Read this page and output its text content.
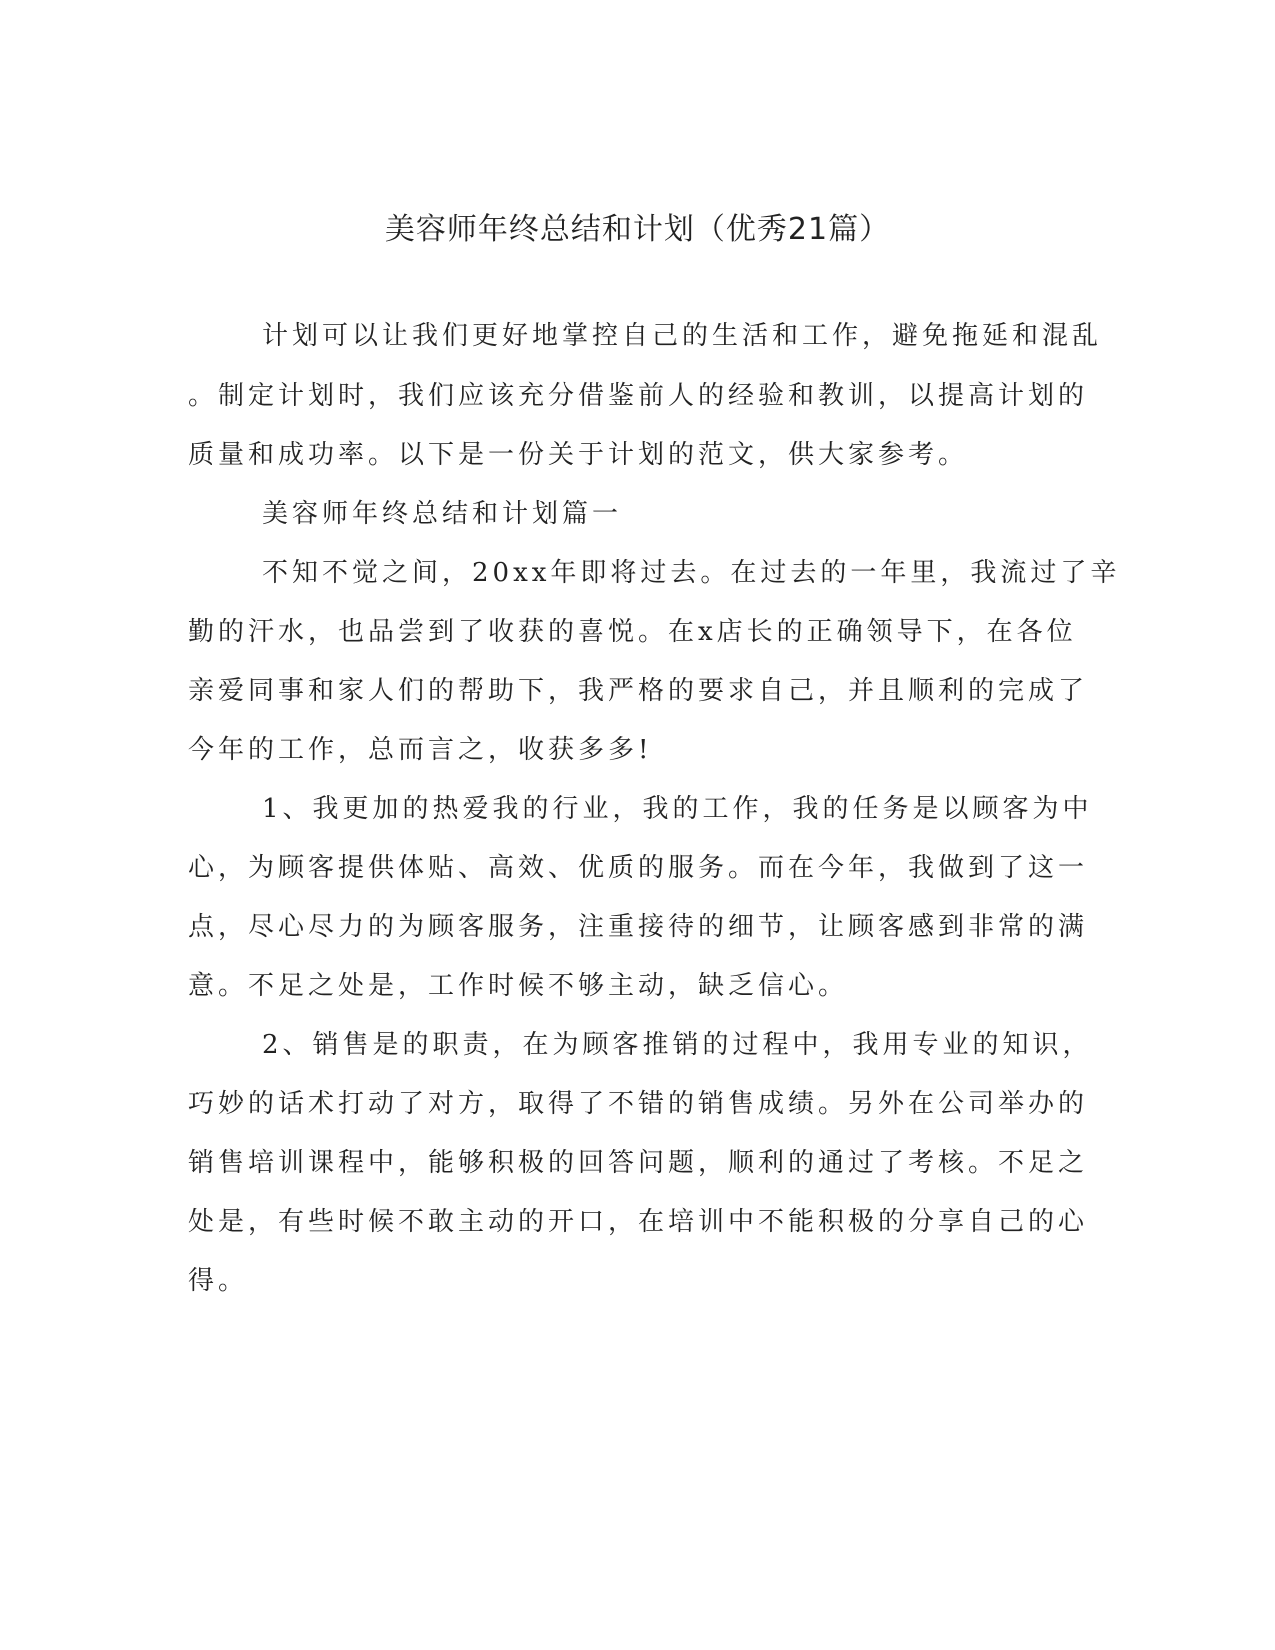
美容师年终总结和计划（优秀21篇）
计划可以让我们更好地掌控自己的生活和工作，避免拖延和混乱
。制定计划时，我们应该充分借鉴前人的经验和教训，以提高计划的
质量和成功率。以下是一份关于计划的范文，供大家参考。
美容师年终总结和计划篇一
不知不觉之间，20xx年即将过去。在过去的一年里，我流过了辛
勤的汗水，也品尝到了收获的喜悦。在x店长的正确领导下，在各位
亲爱同事和家人们的帮助下，我严格的要求自己，并且顺利的完成了
今年的工作，总而言之，收获多多!
1、我更加的热爱我的行业，我的工作，我的任务是以顾客为中
心，为顾客提供体贴、高效、优质的服务。而在今年，我做到了这一
点，尽心尽力的为顾客服务，注重接待的细节，让顾客感到非常的满
意。不足之处是，工作时候不够主动，缺乏信心。
2、销售是的职责，在为顾客推销的过程中，我用专业的知识，
巧妙的话术打动了对方，取得了不错的销售成绩。另外在公司举办的
销售培训课程中，能够积极的回答问题，顺利的通过了考核。不足之
处是，有些时候不敢主动的开口，在培训中不能积极的分享自己的心
得。
